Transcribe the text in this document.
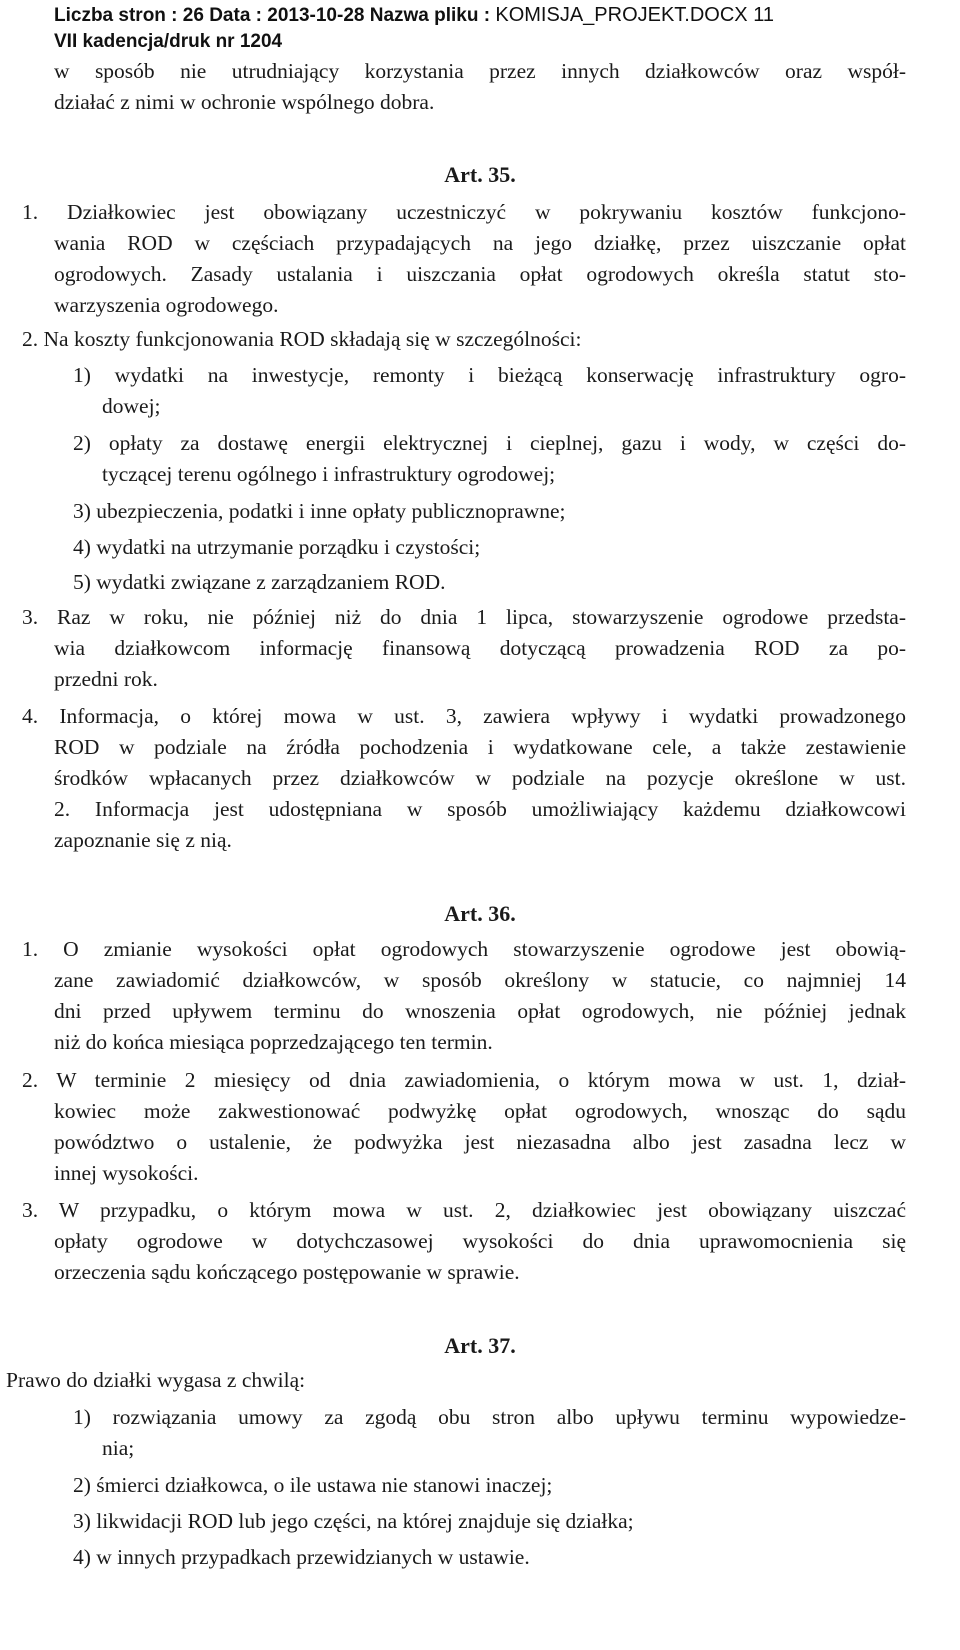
Liczba stron : 26 Data : 2013-10-28 Nazwa pliku : KOMISJA_PROJEKT.DOCX 11
VII kadencja/druk nr 1204
w sposób nie utrudniający korzystania przez innych działkowców oraz współ-
działać z nimi w ochronie wspólnego dobra.
Art. 35.
1. Działkowiec jest obowiązany uczestniczyć w pokrywaniu kosztów funkcjono-
wania ROD w częściach przypadających na jego działkę, przez uiszczanie opłat
ogrodowych. Zasady ustalania i uiszczania opłat ogrodowych określa statut sto-
warzyszenia ogrodowego.
2. Na koszty funkcjonowania ROD składają się w szczególności:
1) wydatki na inwestycje, remonty i bieżącą konserwację infrastruktury ogro-
dowej;
2) opłaty za dostawę energii elektrycznej i cieplnej, gazu i wody, w części do-
tyczącej terenu ogólnego i infrastruktury ogrodowej;
3) ubezpieczenia, podatki i inne opłaty publicznoprawne;
4) wydatki na utrzymanie porządku i czystości;
5) wydatki związane z zarządzaniem ROD.
3. Raz w roku, nie później niż do dnia 1 lipca, stowarzyszenie ogrodowe przedsta-
wia działkowcom informację finansową dotyczącą prowadzenia ROD za po-
przedni rok.
4. Informacja, o której mowa w ust. 3, zawiera wpływy i wydatki prowadzonego
ROD w podziale na źródła pochodzenia i wydatkowane cele, a także zestawienie
środków wpłacanych przez działkowców w podziale na pozycje określone w ust.
2. Informacja jest udostępniana w sposób umożliwiający każdemu działkowcowi
zapoznanie się z nią.
Art. 36.
1. O zmianie wysokości opłat ogrodowych stowarzyszenie ogrodowe jest obowią-
zane zawiadomić działkowców, w sposób określony w statucie, co najmniej 14
dni przed upływem terminu do wnoszenia opłat ogrodowych, nie później jednak
niż do końca miesiąca poprzedzającego ten termin.
2. W terminie 2 miesięcy od dnia zawiadomienia, o którym mowa w ust. 1, dział-
kowiec może zakwestionować podwyżkę opłat ogrodowych, wnosząc do sądu
powództwo o ustalenie, że podwyżka jest niezasadna albo jest zasadna lecz w
innej wysokości.
3. W przypadku, o którym mowa w ust. 2, działkowiec jest obowiązany uiszczać
opłaty ogrodowe w dotychczasowej wysokości do dnia uprawomocnienia się
orzeczenia sądu kończącego postępowanie w sprawie.
Art. 37.
Prawo do działki wygasa z chwilą:
1) rozwiązania umowy za zgodą obu stron albo upływu terminu wypowiedze-
nia;
2) śmierci działkowca, o ile ustawa nie stanowi inaczej;
3) likwidacji ROD lub jego części, na której znajduje się działka;
4) w innych przypadkach przewidzianych w ustawie.
